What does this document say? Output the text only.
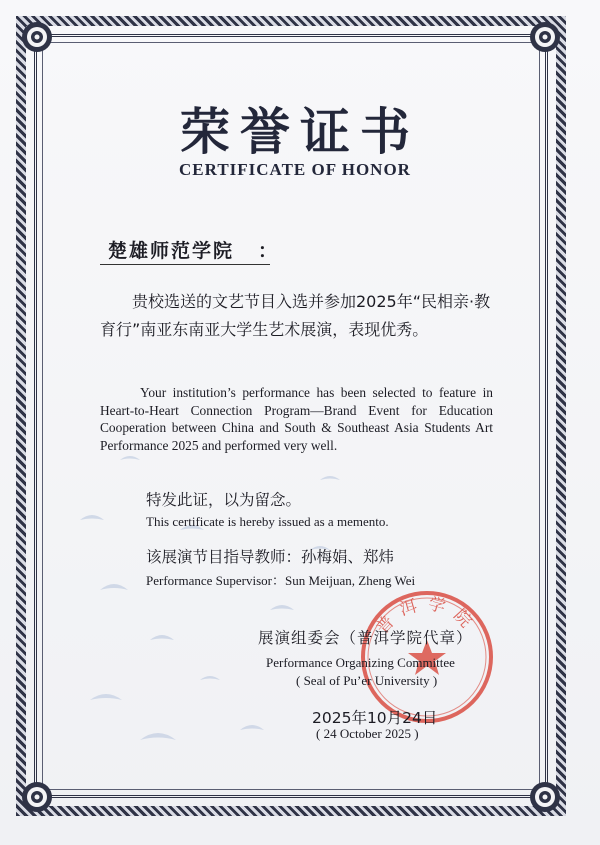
荣誉证书
CERTIFICATE OF HONOR
楚雄师范学院 ：
贵校选送的文艺节目入选并参加2025年“民相亲·教育行”南亚东南亚大学生艺术展演，表现优秀。
Your institution’s performance has been selected to feature in Heart-to-Heart Connection Program—Brand Event for Education Cooperation between China and South & Southeast Asia Students Art Performance 2025 and performed very well.
特发此证，以为留念。
This certificate is hereby issued as a memento.
该展演节目指导教师：孙梅娟、郑炜
Performance Supervisor：Sun Meijuan, Zheng Wei
普洱学院
展演组委会（普洱学院代章）
Performance Organizing Committee
( Seal of Pu’er University )
2025年10月24日
( 24 October 2025 )
